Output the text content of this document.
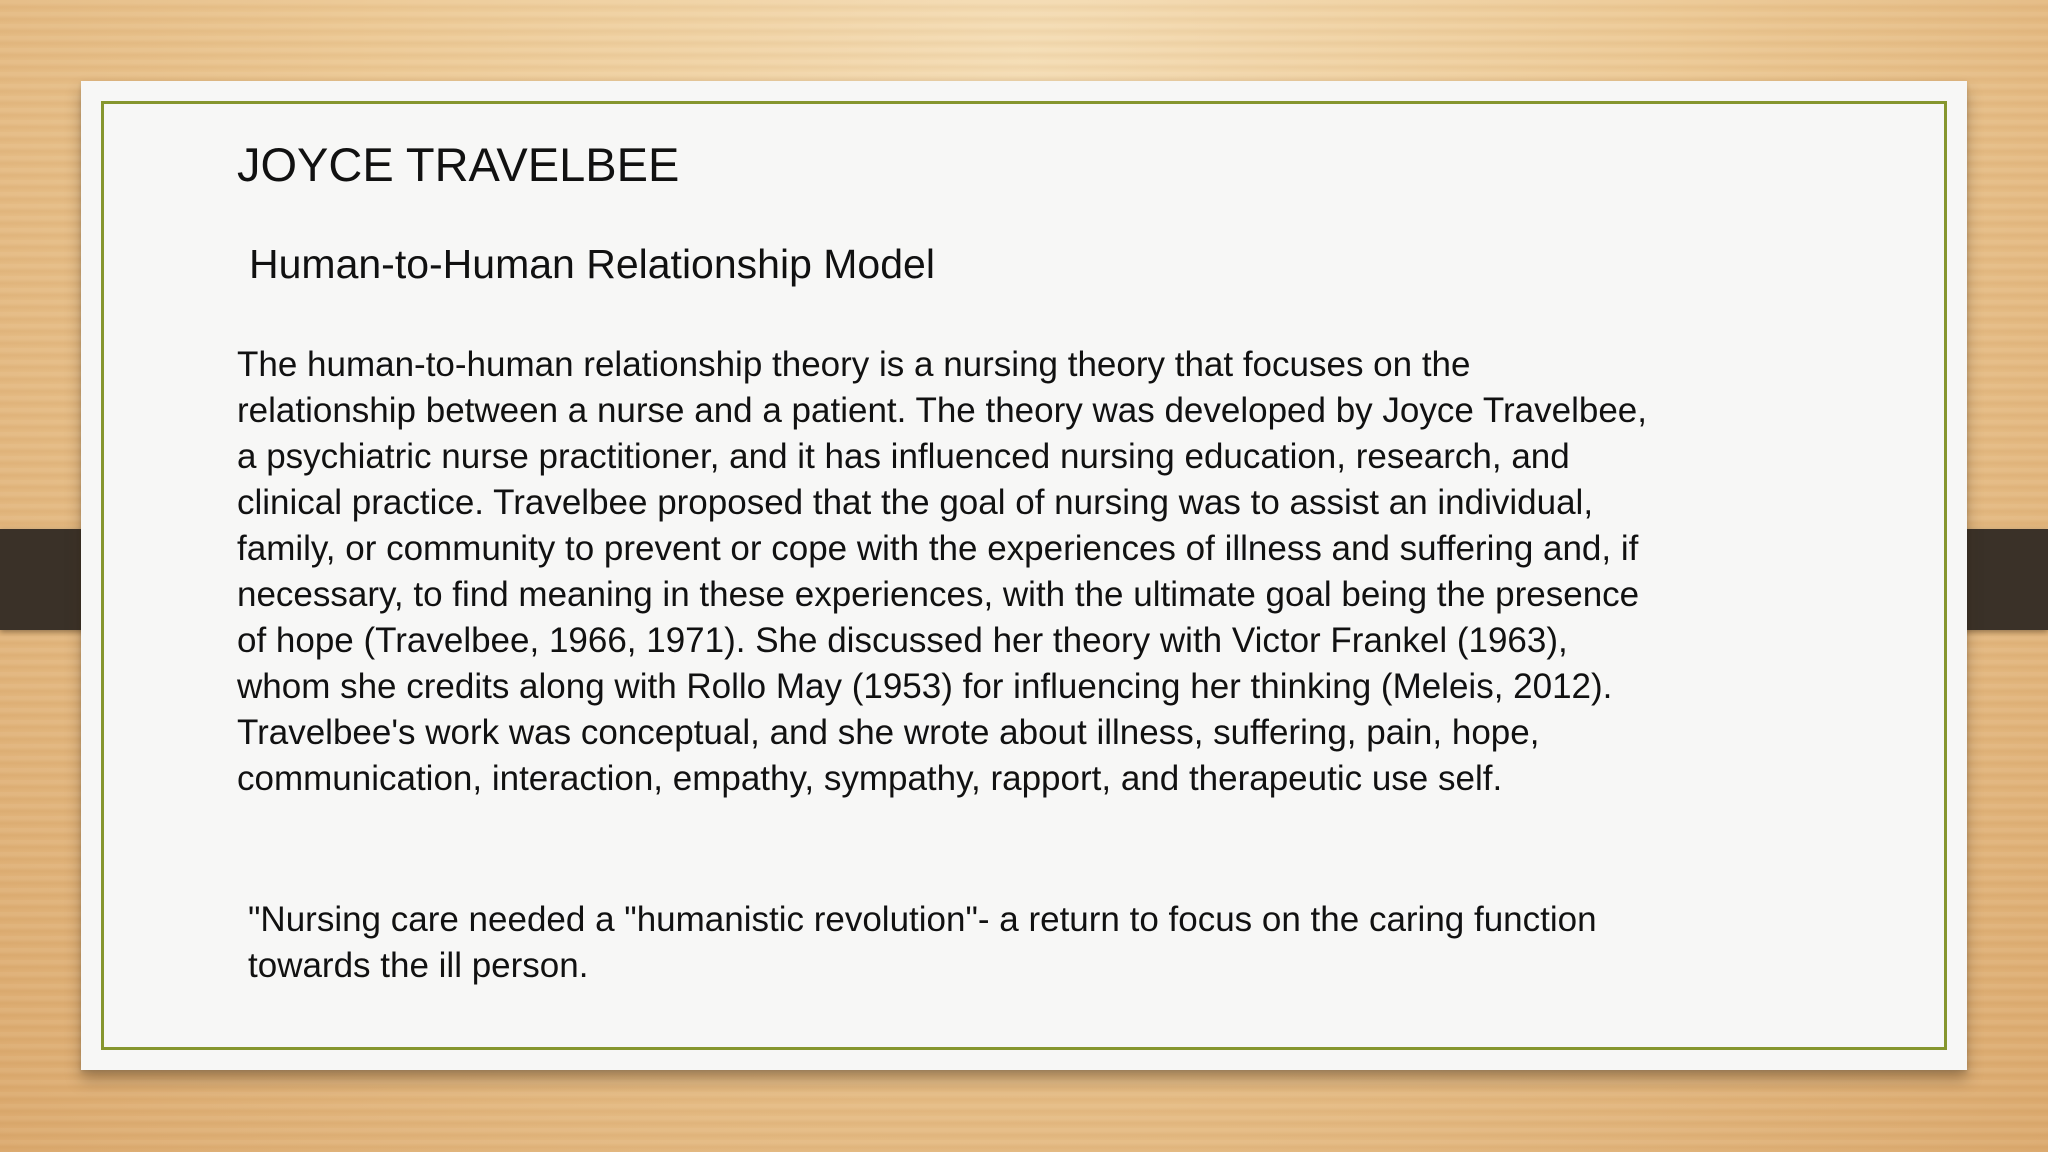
JOYCE TRAVELBEE
Human-to-Human Relationship Model
The human-to-human relationship theory is a nursing theory that focuses on the
relationship between a nurse and a patient. The theory was developed by Joyce Travelbee,
a psychiatric nurse practitioner, and it has influenced nursing education, research, and
clinical practice. Travelbee proposed that the goal of nursing was to assist an individual,
family, or community to prevent or cope with the experiences of illness and suffering and, if
necessary, to find meaning in these experiences, with the ultimate goal being the presence
of hope (Travelbee, 1966, 1971). She discussed her theory with Victor Frankel (1963),
whom she credits along with Rollo May (1953) for influencing her thinking (Meleis, 2012).
Travelbee's work was conceptual, and she wrote about illness, suffering, pain, hope,
communication, interaction, empathy, sympathy, rapport, and therapeutic use self.
"Nursing care needed a "humanistic revolution"- a return to focus on the caring function
towards the ill person.
